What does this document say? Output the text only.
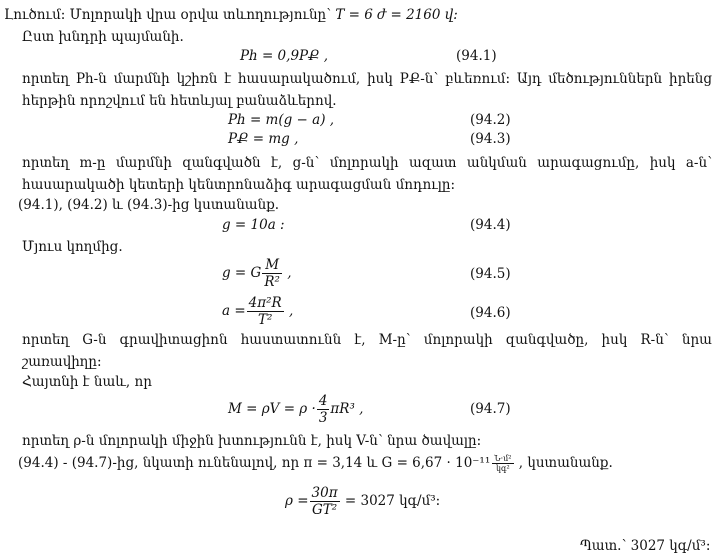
Լուծում: Մոլորակի վրա օրվա տևողությունը՝ T = 6 ժ = 2160 վ:
Ըստ խնդրի պայմանի.
Pհ = 0,9PՔ ,	(94.1)
որտեղ Pհ-ն մարմնի կշիռն է հասարակածում, իսկ PՔ-ն՝ բևեռում: Այդ մեծություններն իրենց
հերթին որոշվում են հետևյալ բանաձևերով.
Pհ = m(g − a) ,	(94.2)
PՔ = mg ,	(94.3)
որտեղ m-ը մարմնի զանգվածն է, g-ն՝ մոլորակի ազատ անկման արագացումը, իսկ a-ն՝
հասարակածի կետերի կենտրոնաձիգ արագացման մոդուլը:
(94.1), (94.2) և (94.3)-ից կստանանք.
g = 10a :	(94.4)
Մյուս կողմից.
g = G $\frac{M}{\text{R²}}$ ,	(94.5)
$a = \frac{\text{4π²R}}{\text{T²}}$ ,	(94.6)
որտեղ G-ն գրավիտացիոն հաստատունն է, M-ը՝ մոլորակի զանգվածը, իսկ R-ն՝ նրա
շառավիղը:
Հայտնի է նաև, որ
$M = \rho V = \rho \cdot \frac{4}{3} \pi R^3$ ,	(94.7)
որտեղ ρ-ն մոլորակի միջին խտությունն է, իսկ V-ն՝ նրա ծավալը:
(94.4) - (94.7)-ից, նկատի ունենալով, որ π = 3,14 և $G = 6,67 \cdot 10^{-11} \frac{\text{Ն·մ²}}{\text{կգ²}}$ , կստանանք.
$\rho = \frac{30\pi}{\text{GT²}} = 3027$ կգ/մ³:
Պատ.՝ 3027 կգ/մ³:
